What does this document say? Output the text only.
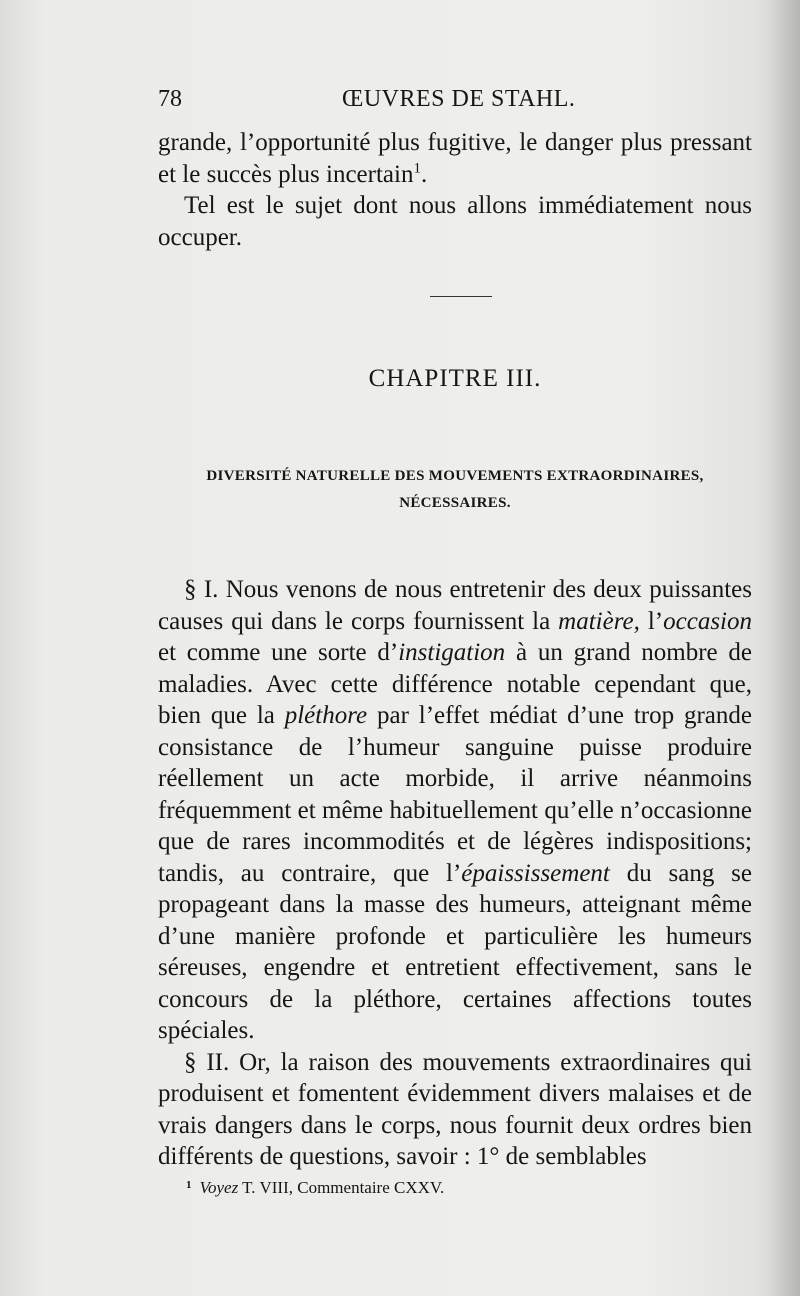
78	ŒUVRES DE STAHL.

grande, l’opportunité plus fugitive, le danger plus pressant et le succès plus incertain$^1$.

Tel est le sujet dont nous allons immédiatement nous occuper.

CHAPITRE III.
DIVERSITÉ NATURELLE DES MOUVEMENTS EXTRAORDINAIRES,
NÉCESSAIRES.

§ I. Nous venons de nous entretenir des deux puissantes causes qui dans le corps fournissent la matière, l’occasion et comme une sorte d’instigation à un grand nombre de maladies. Avec cette différence notable cependant que, bien que la pléthore par l’effet médiat d’une trop grande consistance de l’humeur sanguine puisse produire réellement un acte morbide, il arrive néanmoins fréquemment et même habituellement qu’elle n’occasionne que de rares incommodités et de légères indispositions; tandis, au contraire, que l’épaississement du sang se propageant dans la masse des humeurs, atteignant même d’une manière profonde et particulière les humeurs séreuses, engendre et entretient effectivement, sans le concours de la pléthore, certaines affections toutes spéciales.

§ II. Or, la raison des mouvements extraordinaires qui produisent et fomentent évidemment divers malaises et de vrais dangers dans le corps, nous fournit deux ordres bien différents de questions, savoir : 1° de semblables

$^1$ Voyez T. VIII, Commentaire CXXV.
